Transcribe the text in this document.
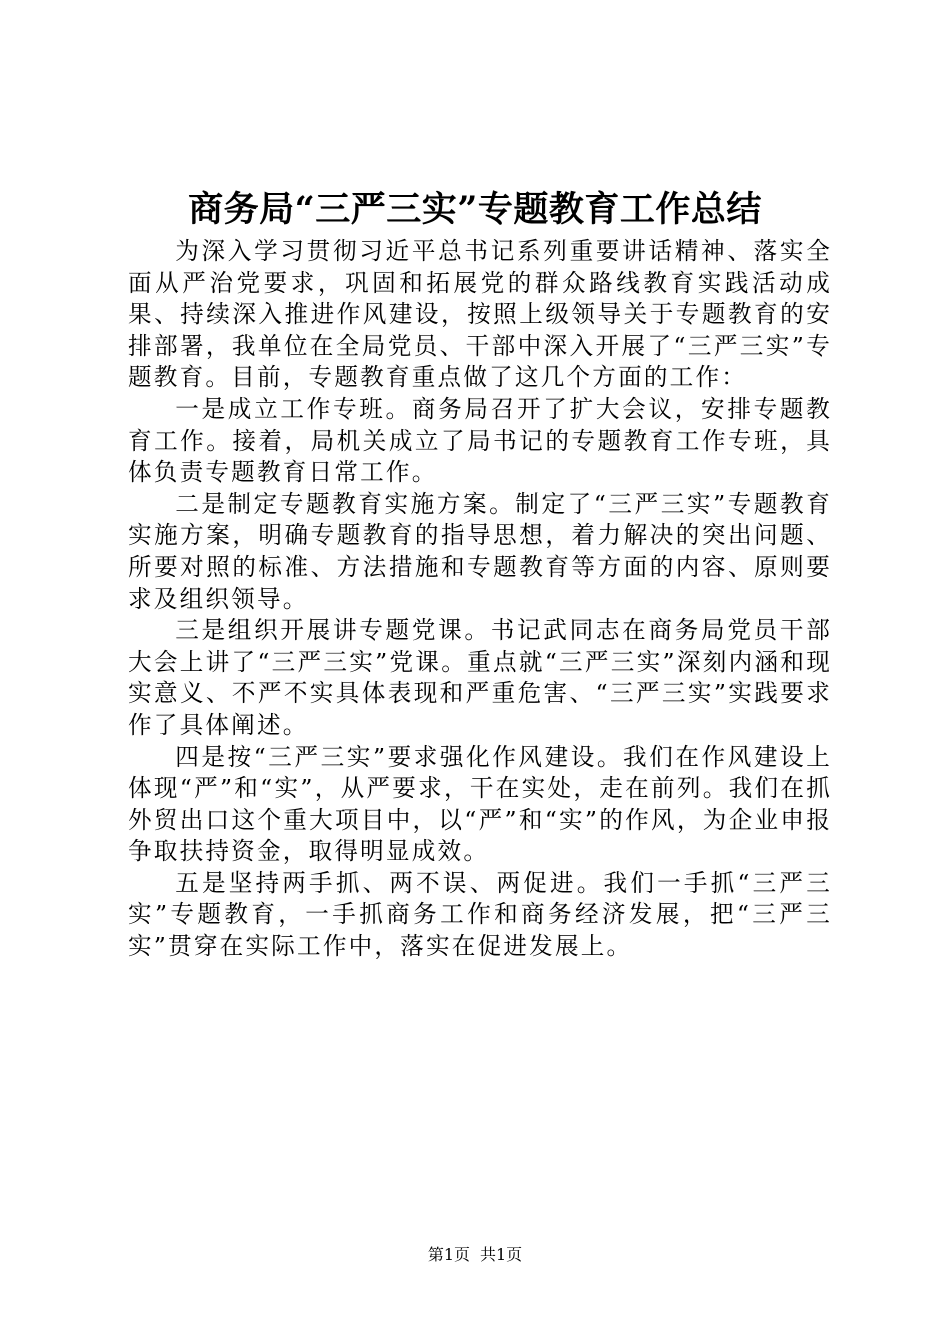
商务局“三严三实”专题教育工作总结

为深入学习贯彻习近平总书记系列重要讲话精神、落实全面从严治党要求，巩固和拓展党的群众路线教育实践活动成果、持续深入推进作风建设，按照上级领导关于专题教育的安排部署，我单位在全局党员、干部中深入开展了“三严三实”专题教育。目前，专题教育重点做了这几个方面的工作：

一是成立工作专班。商务局召开了扩大会议，安排专题教育工作。接着，局机关成立了局书记的专题教育工作专班，具体负责专题教育日常工作。

二是制定专题教育实施方案。制定了“三严三实”专题教育实施方案，明确专题教育的指导思想，着力解决的突出问题、所要对照的标准、方法措施和专题教育等方面的内容、原则要求及组织领导。

三是组织开展讲专题党课。书记武同志在商务局党员干部大会上讲了“三严三实”党课。重点就“三严三实”深刻内涵和现实意义、不严不实具体表现和严重危害、“三严三实”实践要求作了具体阐述。

四是按“三严三实”要求强化作风建设。我们在作风建设上体现“严”和“实”，从严要求，干在实处，走在前列。我们在抓外贸出口这个重大项目中，以“严”和“实”的作风，为企业申报争取扶持资金，取得明显成效。

五是坚持两手抓、两不误、两促进。我们一手抓“三严三实”专题教育，一手抓商务工作和商务经济发展，把“三严三实”贯穿在实际工作中，落实在促进发展上。

第1页 共1页
